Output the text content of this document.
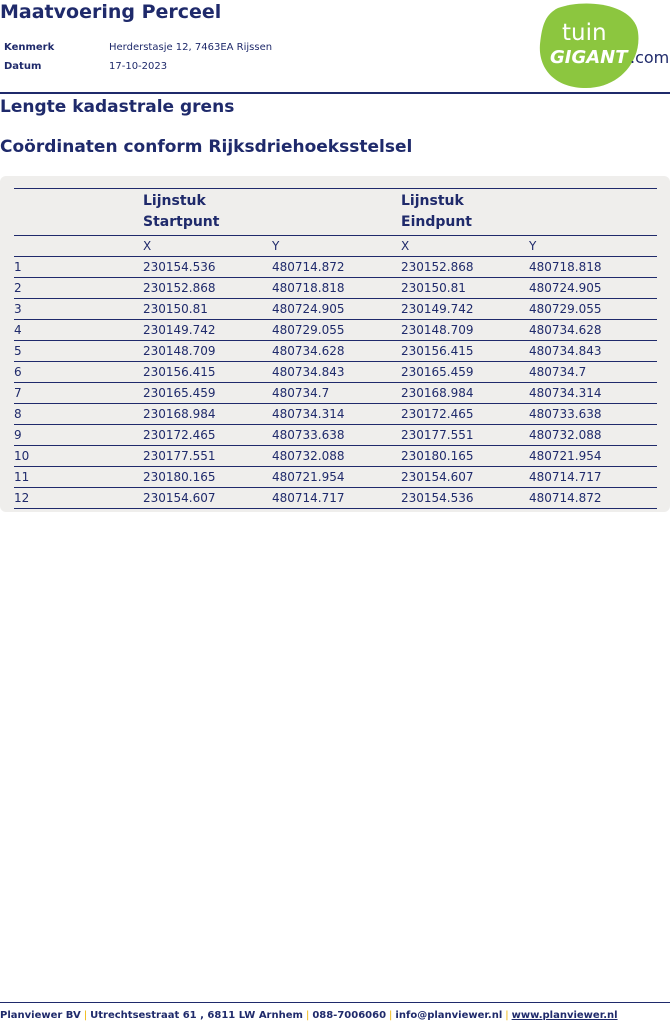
Maatvoering Perceel
Kenmerk	Herderstasje 12, 7463EA Rijssen
Datum	17-10-2023
tuin
GIGANT .com
Lengte kadastrale grens
Coördinaten conform Rijksdriehoeksstelsel
Lijnstuk
Startpunt
Lijnstuk
Eindpunt
X	Y	X	Y
1	230154.536	480714.872	230152.868	480718.818
2	230152.868	480718.818	230150.81	480724.905
3	230150.81	480724.905	230149.742	480729.055
4	230149.742	480729.055	230148.709	480734.628
5	230148.709	480734.628	230156.415	480734.843
6	230156.415	480734.843	230165.459	480734.7
7	230165.459	480734.7	230168.984	480734.314
8	230168.984	480734.314	230172.465	480733.638
9	230172.465	480733.638	230177.551	480732.088
10	230177.551	480732.088	230180.165	480721.954
11	230180.165	480721.954	230154.607	480714.717
12	230154.607	480714.717	230154.536	480714.872
Planviewer BV | Utrechtsestraat 61 , 6811 LW Arnhem | 088-7006060 | info@planviewer.nl | www.planviewer.nl
